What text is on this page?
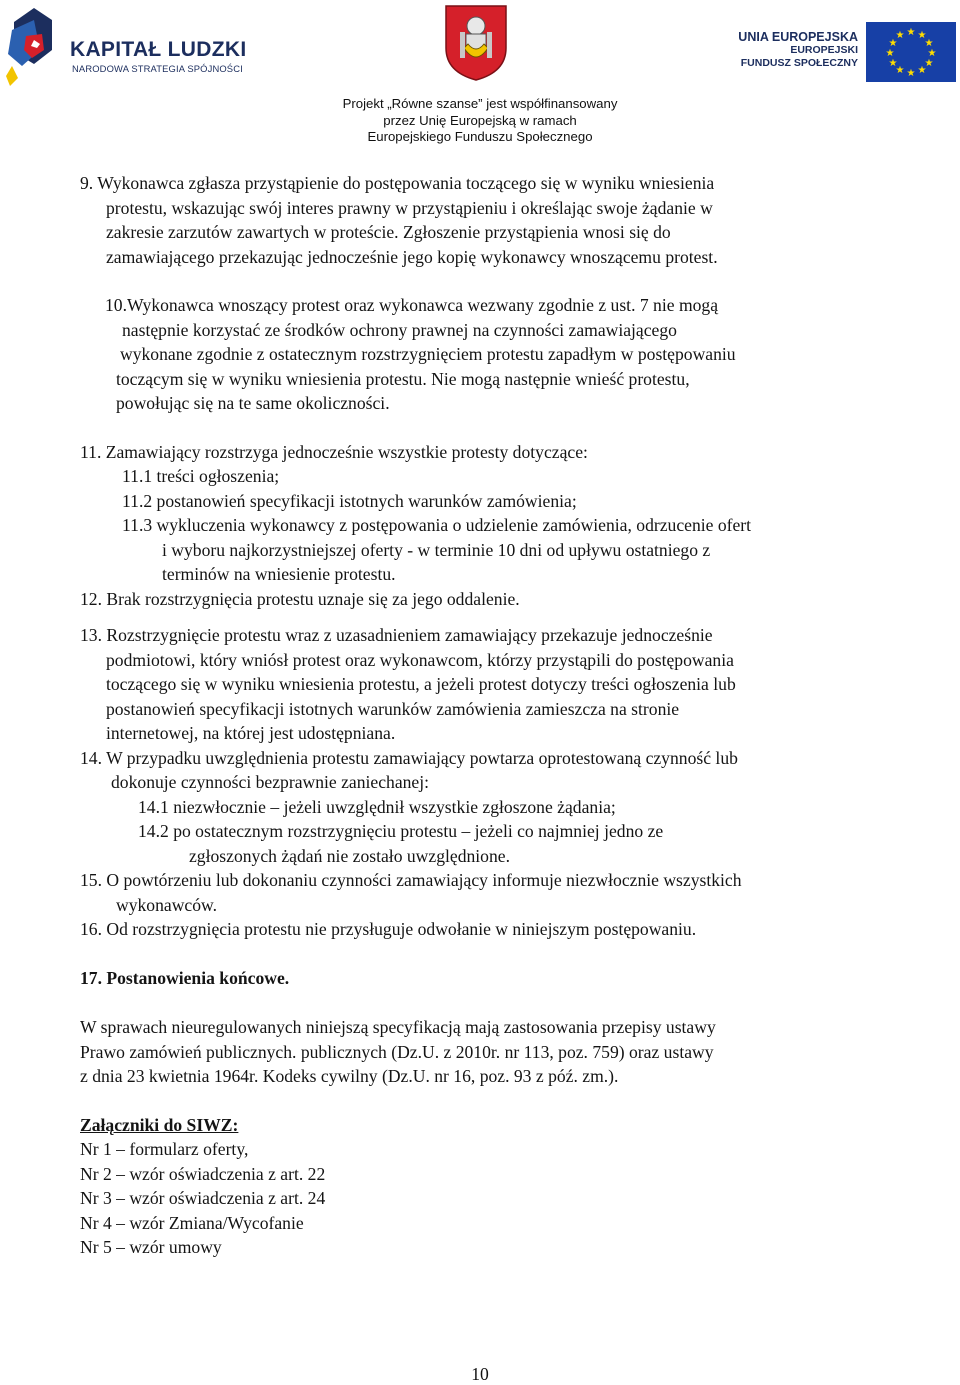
KAPITAŁ LUDZKI
NARODOWA STRATEGIA SPÓJNOŚCI
UNIA EUROPEJSKA
EUROPEJSKI
FUNDUSZ SPOŁECZNY
★ ★
★
★
★
★
★
★
★
★
★
★
Projekt „Równe szanse” jest współfinansowany
przez Unię Europejską w ramach
Europejskiego Funduszu Społecznego
9. Wykonawca zgłasza przystąpienie do postępowania toczącego się w wyniku wniesienia
protestu, wskazując swój interes prawny w przystąpieniu i określając swoje żądanie w
zakresie zarzutów zawartych w proteście. Zgłoszenie przystąpienia wnosi się do
zamawiającego przekazując jednocześnie jego kopię wykonawcy wnoszącemu protest.
10.Wykonawca wnoszący protest oraz wykonawca wezwany zgodnie z ust. 7 nie mogą
następnie korzystać ze środków ochrony prawnej na czynności zamawiającego
wykonane zgodnie z ostatecznym rozstrzygnięciem protestu zapadłym w postępowaniu
toczącym się w wyniku wniesienia protestu. Nie mogą następnie wnieść protestu,
powołując się na te same okoliczności.
11. Zamawiający rozstrzyga jednocześnie wszystkie protesty dotyczące:
11.1 treści ogłoszenia;
11.2 postanowień specyfikacji istotnych warunków zamówienia;
11.3 wykluczenia wykonawcy z postępowania o udzielenie zamówienia, odrzucenie ofert
i wyboru najkorzystniejszej oferty - w terminie 10 dni od upływu ostatniego z
terminów na wniesienie protestu.
12. Brak rozstrzygnięcia protestu uznaje się za jego oddalenie.
13. Rozstrzygnięcie protestu wraz z uzasadnieniem zamawiający przekazuje jednocześnie
podmiotowi, który wniósł protest oraz wykonawcom, którzy przystąpili do postępowania
toczącego się w wyniku wniesienia protestu, a jeżeli protest dotyczy treści ogłoszenia lub
postanowień specyfikacji istotnych warunków zamówienia zamieszcza na stronie
internetowej, na której jest udostępniana.
14. W przypadku uwzględnienia protestu zamawiający powtarza oprotestowaną czynność lub
dokonuje czynności bezprawnie zaniechanej:
14.1 niezwłocznie – jeżeli uwzględnił wszystkie zgłoszone żądania;
14.2 po ostatecznym rozstrzygnięciu protestu – jeżeli co najmniej jedno ze
zgłoszonych żądań nie zostało uwzględnione.
15. O powtórzeniu lub dokonaniu czynności zamawiający informuje niezwłocznie wszystkich
wykonawców.
16. Od rozstrzygnięcia protestu nie przysługuje odwołanie w niniejszym postępowaniu.
17. Postanowienia końcowe.
W sprawach nieuregulowanych niniejszą specyfikacją mają zastosowania przepisy ustawy
Prawo zamówień publicznych. publicznych (Dz.U. z 2010r. nr 113, poz. 759) oraz ustawy
z dnia 23 kwietnia 1964r. Kodeks cywilny (Dz.U. nr 16, poz. 93 z póź. zm.).
Załączniki do SIWZ:
Nr 1 – formularz oferty,
Nr 2 – wzór oświadczenia z art. 22
Nr 3 – wzór oświadczenia z art. 24
Nr 4 – wzór Zmiana/Wycofanie
Nr 5 – wzór umowy
10
